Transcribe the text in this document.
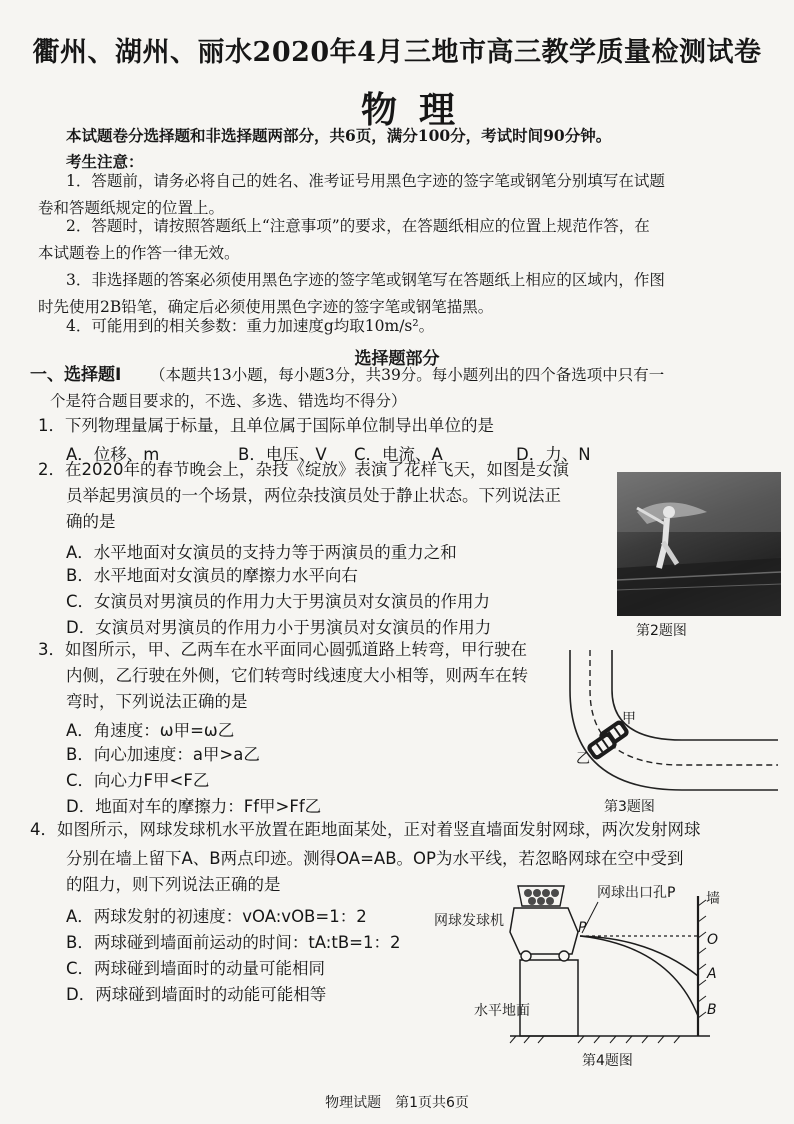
衢州、湖州、丽水2020年4月三地市高三教学质量检测试卷
物理
本试题卷分选择题和非选择题两部分，共6页，满分100分，考试时间90分钟。
考生注意：
1．答题前，请务必将自己的姓名、准考证号用黑色字迹的签字笔或钢笔分别填写在试题
卷和答题纸规定的位置上。
2．答题时，请按照答题纸上“注意事项”的要求，在答题纸相应的位置上规范作答，在
本试题卷上的作答一律无效。
3．非选择题的答案必须使用黑色字迹的签字笔或钢笔写在答题纸上相应的区域内，作图
时先使用2B铅笔，确定后必须使用黑色字迹的签字笔或钢笔描黑。
4．可能用到的相关参数：重力加速度g均取10m/s²。
选择题部分
一、选择题Ⅰ （本题共13小题，每小题3分，共39分。每小题列出的四个备选项中只有一
个是符合题目要求的，不选、多选、错选均不得分）
1．下列物理量属于标量，且单位属于国际单位制导出单位的是
A．位移、m	B．电压、V C．电流、A	D．力、N
2．在2020年的春节晚会上，杂技《绽放》表演了花样飞天，如图是女演
员举起男演员的一个场景，两位杂技演员处于静止状态。下列说法正
确的是
A．水平地面对女演员的支持力等于两演员的重力之和
B．水平地面对女演员的摩擦力水平向右
C．女演员对男演员的作用力大于男演员对女演员的作用力
D．女演员对男演员的作用力小于男演员对女演员的作用力	第2题图
3．如图所示，甲、乙两车在水平面同心圆弧道路上转弯，甲行驶在
内侧，乙行驶在外侧，它们转弯时线速度大小相等，则两车在转
弯时，下列说法正确的是
A．角速度：ω甲=ω乙
B．向心加速度：a甲>a乙
C．向心力F甲<F乙
D．地面对车的摩擦力：Ff甲>Ff乙
甲
乙
第3题图
4．如图所示，网球发球机水平放置在距地面某处，正对着竖直墙面发射网球，两次发射网球
分别在墙上留下A、B两点印迹。测得OA=AB。OP为水平线，若忽略网球在空中受到
的阻力，则下列说法正确的是
A．两球发射的初速度：vOA:vOB=1：2
B．两球碰到墙面前运动的时间：tA:tB=1：2
C．两球碰到墙面时的动量可能相同
D．两球碰到墙面时的动能可能相等
网球出口孔P 墙
网球发球机	P
O
A
B
水平地面
第4题图
物理试题　第1页共6页
